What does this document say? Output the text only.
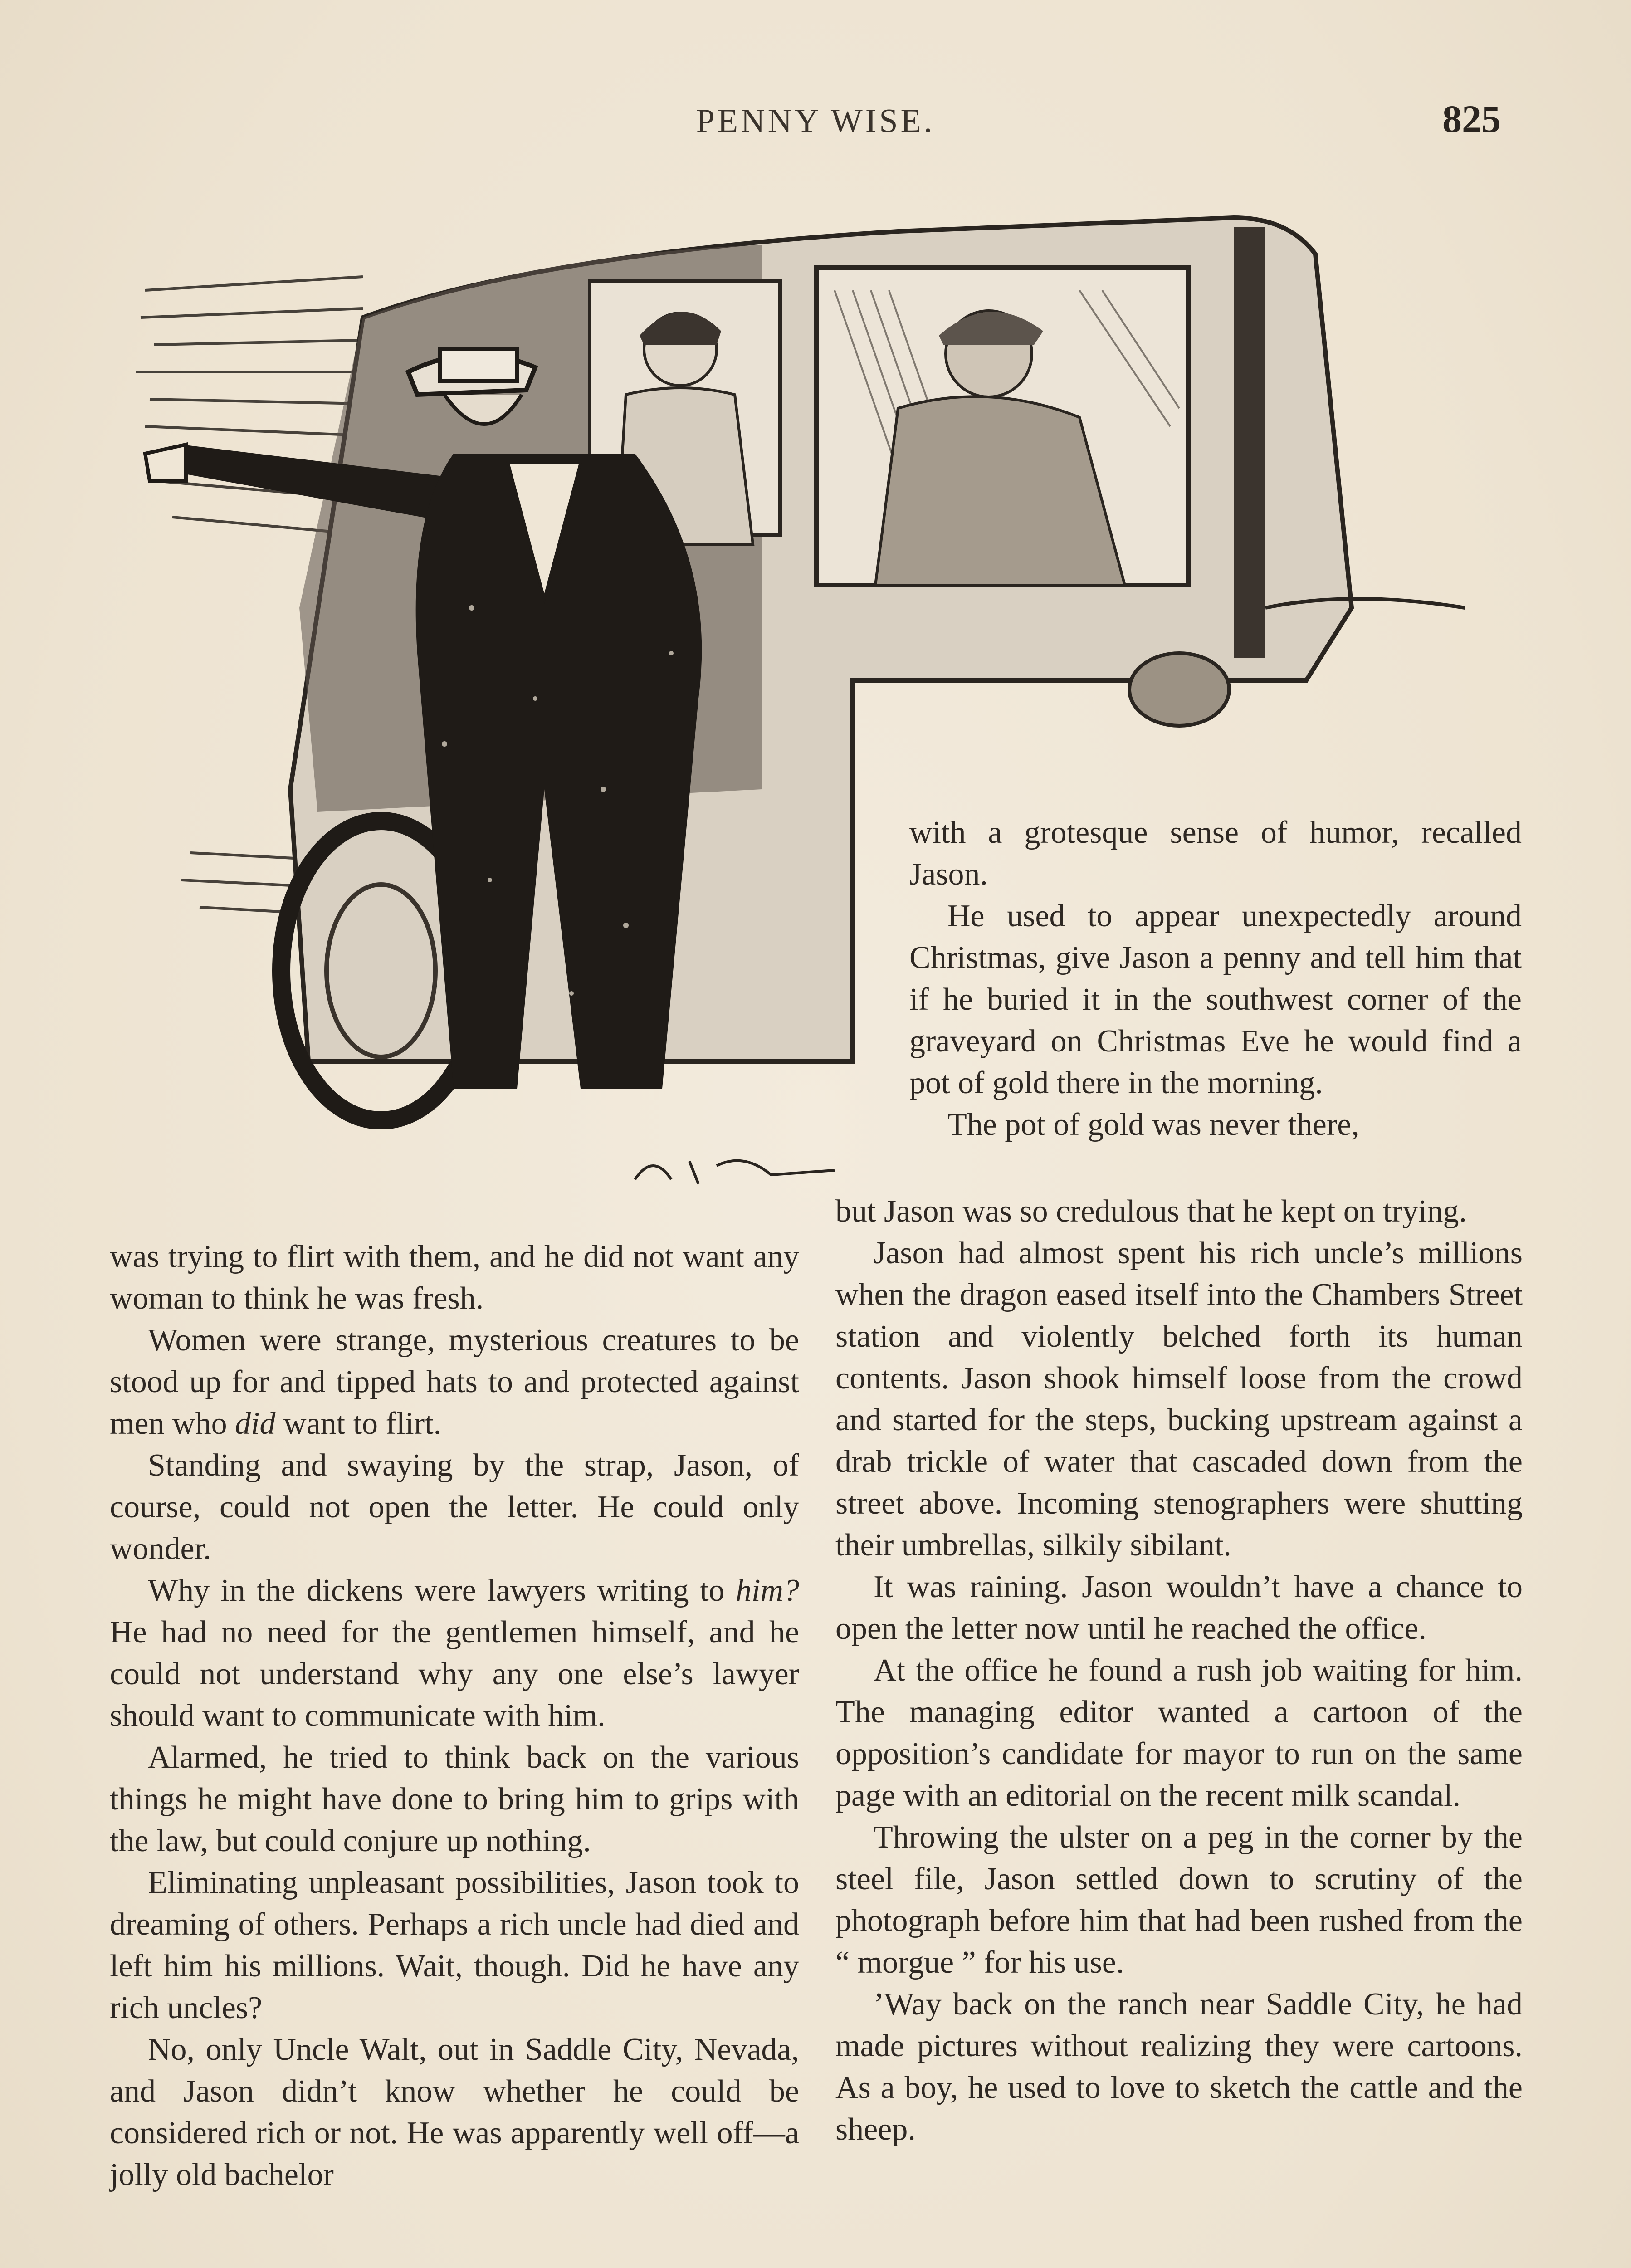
PENNY WISE.	825

with a grotesque sense of humor, recalled Jason.

He used to appear unexpectedly around Christmas, give Jason a penny and tell him that if he buried it in the southwest corner of the graveyard on Christmas Eve he would find a pot of gold there in the morning.

The pot of gold was never there,

was trying to flirt with them, and he did not want any woman to think he was fresh.

Women were strange, mysterious creatures to be stood up for and tipped hats to and protected against men who did want to flirt.

Standing and swaying by the strap, Jason, of course, could not open the letter. He could only wonder.

Why in the dickens were lawyers writing to him? He had no need for the gentlemen himself, and he could not understand why any one else’s lawyer should want to communicate with him.

Alarmed, he tried to think back on the various things he might have done to bring him to grips with the law, but could conjure up nothing.

Eliminating unpleasant possibilities, Jason took to dreaming of others. Perhaps a rich uncle had died and left him his millions. Wait, though. Did he have any rich uncles?

No, only Uncle Walt, out in Saddle City, Nevada, and Jason didn’t know whether he could be considered rich or not. He was apparently well off—a jolly old bachelor

but Jason was so credulous that he kept on trying.

Jason had almost spent his rich uncle’s millions when the dragon eased itself into the Chambers Street station and violently belched forth its human contents. Jason shook himself loose from the crowd and started for the steps, bucking upstream against a drab trickle of water that cascaded down from the street above. Incoming stenographers were shutting their umbrellas, silkily sibilant.

It was raining. Jason wouldn’t have a chance to open the letter now until he reached the office.

At the office he found a rush job waiting for him. The managing editor wanted a cartoon of the opposition’s candidate for mayor to run on the same page with an editorial on the recent milk scandal.

Throwing the ulster on a peg in the corner by the steel file, Jason settled down to scrutiny of the photograph before him that had been rushed from the “ morgue ” for his use.

’Way back on the ranch near Saddle City, he had made pictures without realizing they were cartoons. As a boy, he used to love to sketch the cattle and the sheep.
